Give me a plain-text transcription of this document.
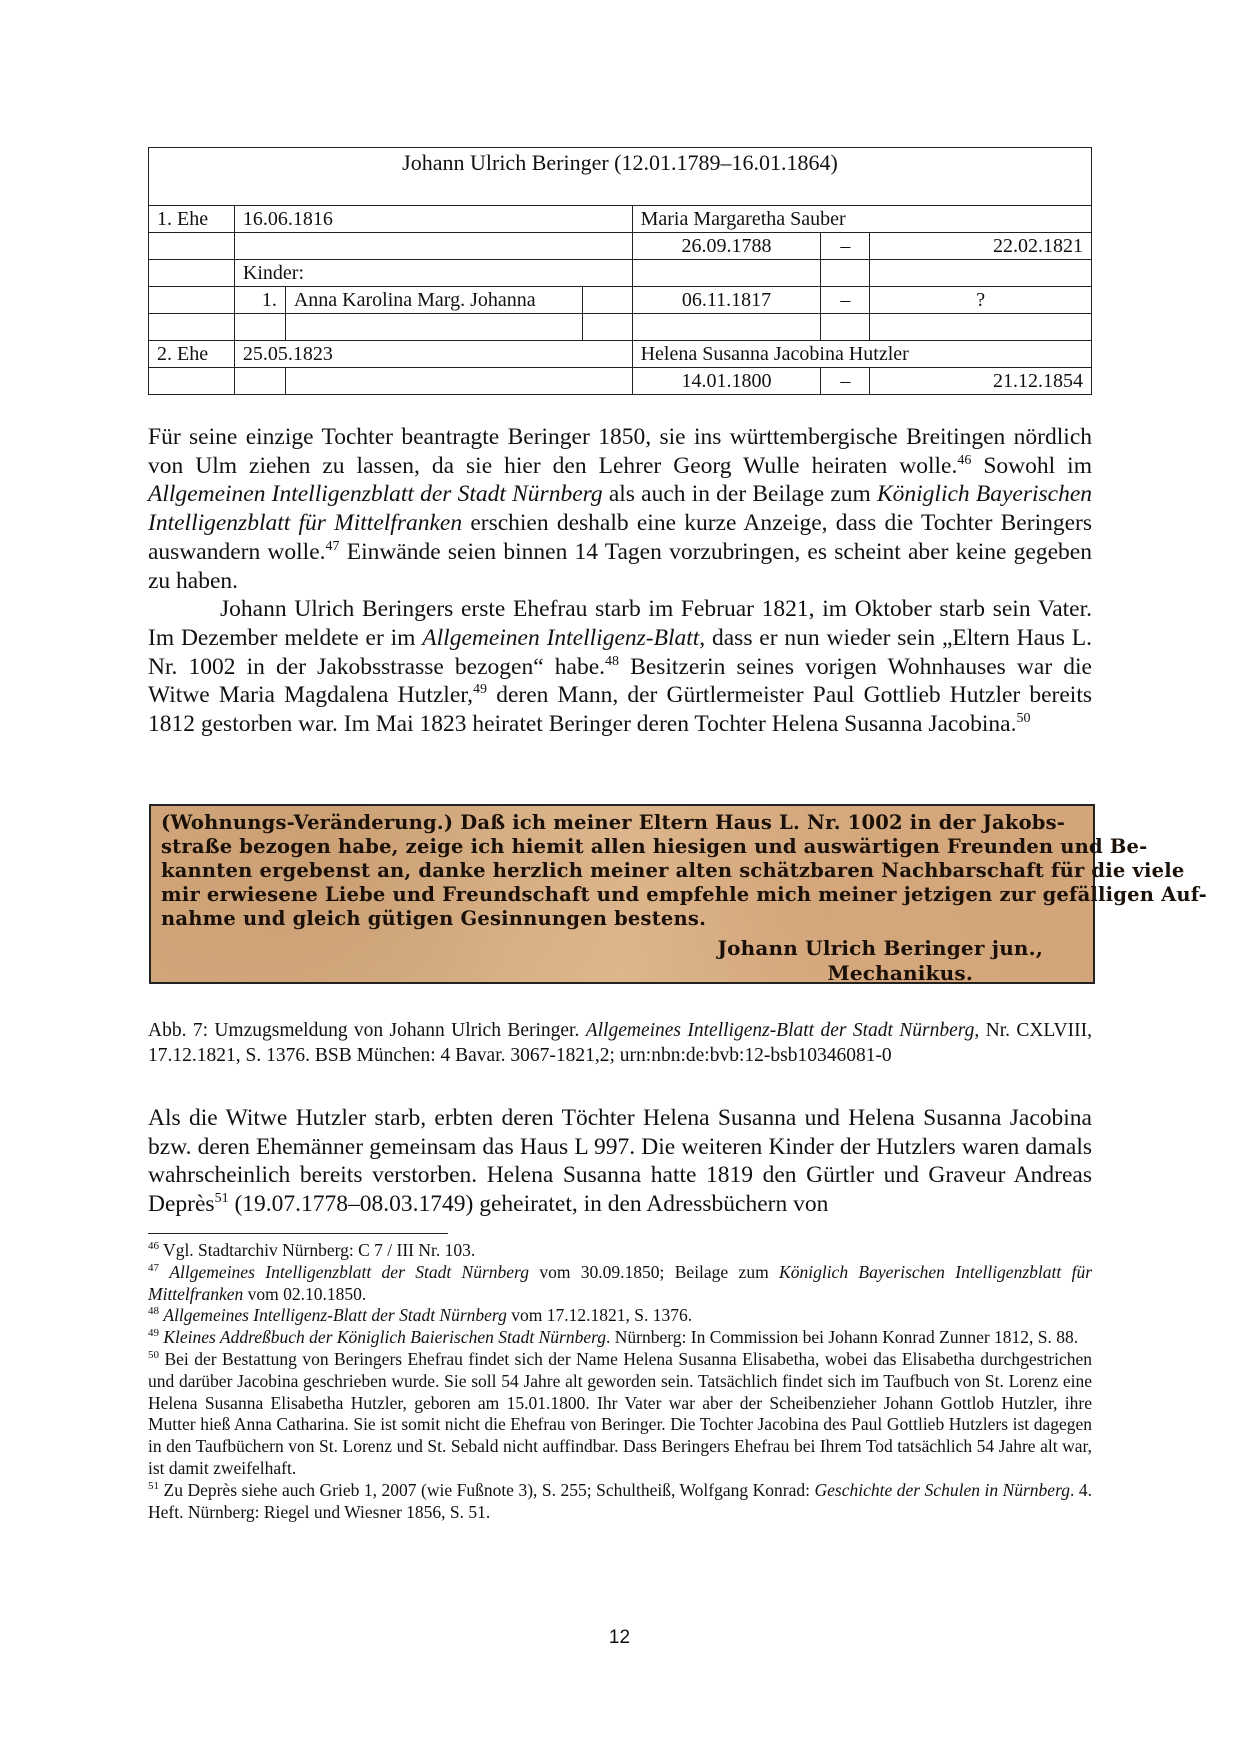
Johann Ulrich Beringer (12.01.1789–16.01.1864)						
1. Ehe	16.06.1816			Maria Margaretha Sauber		
				26.09.1788	–	22.02.1821
	Kinder:					
	1.	Anna Karolina Marg. Johanna		06.11.1817	–	?

2. Ehe	25.05.1823			Helena Susanna Jacobina Hutzler		
				14.01.1800	–	21.12.1854

Für seine einzige Tochter beantragte Beringer 1850, sie ins württembergische Breitingen nördlich von Ulm ziehen zu lassen, da sie hier den Lehrer Georg Wulle heiraten wolle.$^{46}$ Sowohl im Allgemeinen Intelligenzblatt der Stadt Nürnberg als auch in der Beilage zum Königlich Bayerischen Intelligenzblatt für Mittelfranken erschien deshalb eine kurze Anzeige, dass die Tochter Beringers auswandern wolle.$^{47}$ Einwände seien binnen 14 Tagen vorzubringen, es scheint aber keine gegeben zu haben.

Johann Ulrich Beringers erste Ehefrau starb im Februar 1821, im Oktober starb sein Vater. Im Dezember meldete er im Allgemeinen Intelligenz-Blatt, dass er nun wieder sein „Eltern Haus L. Nr. 1002 in der Jakobsstrasse bezogen“ habe.$^{48}$ Besitzerin seines vorigen Wohnhauses war die Witwe Maria Magdalena Hutzler,$^{49}$ deren Mann, der Gürtlermeister Paul Gottlieb Hutzler bereits 1812 gestorben war. Im Mai 1823 heiratet Beringer deren Tochter Helena Susanna Jacobina.$^{50}$

(Wohnungs-Veränderung.) Daß ich meiner Eltern Haus L. Nr. 1002 in der Jakobs-
straße bezogen habe, zeige ich hiemit allen hiesigen und auswärtigen Freunden und Be-
kannten ergebenst an, danke herzlich meiner alten schätzbaren Nachbarschaft für die viele
mir erwiesene Liebe und Freundschaft und empfehle mich meiner jetzigen zur gefälligen Auf-
nahme und gleich gütigen Gesinnungen bestens.
Johann Ulrich Beringer jun.,
Mechanikus.
Abb. 7: Umzugsmeldung von Johann Ulrich Beringer. Allgemeines Intelligenz-Blatt der Stadt Nürnberg, Nr. CXLVIII, 17.12.1821, S. 1376. BSB München: 4 Bavar. 3067-1821,2; urn:nbn:de:bvb:12-bsb10346081-0

Als die Witwe Hutzler starb, erbten deren Töchter Helena Susanna und Helena Susanna Jacobina bzw. deren Ehemänner gemeinsam das Haus L 997. Die weiteren Kinder der Hutzlers waren damals wahrscheinlich bereits verstorben. Helena Susanna hatte 1819 den Gürtler und Graveur Andreas Deprès$^{51}$ (19.07.1778–08.03.1749) geheiratet, in den Adressbüchern von

$^{46}$ Vgl. Stadtarchiv Nürnberg: C 7 / III Nr. 103.

$^{47}$ Allgemeines Intelligenzblatt der Stadt Nürnberg vom 30.09.1850; Beilage zum Königlich Bayerischen Intelligenzblatt für Mittelfranken vom 02.10.1850.

$^{48}$ Allgemeines Intelligenz-Blatt der Stadt Nürnberg vom 17.12.1821, S. 1376.

$^{49}$ Kleines Addreßbuch der Königlich Baierischen Stadt Nürnberg. Nürnberg: In Commission bei Johann Konrad Zunner 1812, S. 88.

$^{50}$ Bei der Bestattung von Beringers Ehefrau findet sich der Name Helena Susanna Elisabetha, wobei das Elisabetha durchgestrichen und darüber Jacobina geschrieben wurde. Sie soll 54 Jahre alt geworden sein. Tatsächlich findet sich im Taufbuch von St. Lorenz eine Helena Susanna Elisabetha Hutzler, geboren am 15.01.1800. Ihr Vater war aber der Scheibenzieher Johann Gottlob Hutzler, ihre Mutter hieß Anna Catharina. Sie ist somit nicht die Ehefrau von Beringer. Die Tochter Jacobina des Paul Gottlieb Hutzlers ist dagegen in den Taufbüchern von St. Lorenz und St. Sebald nicht auffindbar. Dass Beringers Ehefrau bei Ihrem Tod tatsächlich 54 Jahre alt war, ist damit zweifelhaft.

$^{51}$ Zu Deprès siehe auch Grieb 1, 2007 (wie Fußnote 3), S. 255; Schultheiß, Wolfgang Konrad: Geschichte der Schulen in Nürnberg. 4. Heft. Nürnberg: Riegel und Wiesner 1856, S. 51.

12
